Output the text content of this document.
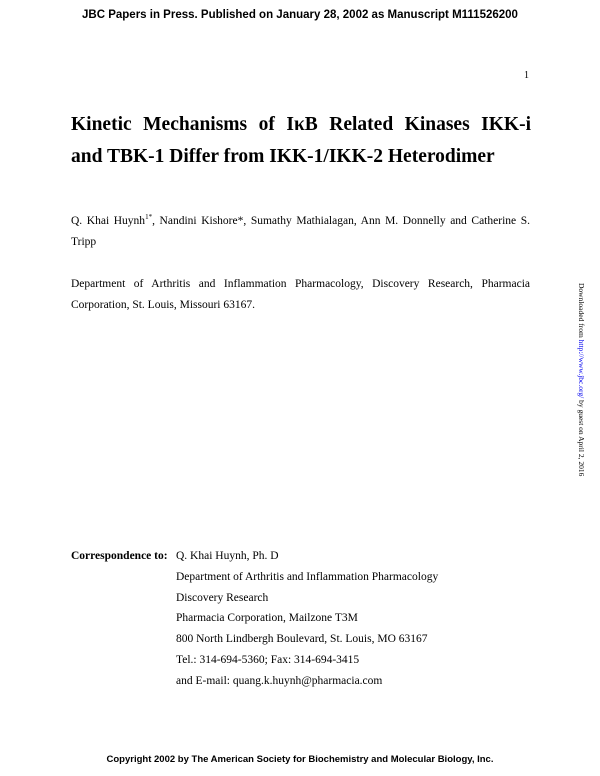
JBC Papers in Press. Published on January 28, 2002 as Manuscript M111526200
1
Kinetic Mechanisms of IκB Related Kinases IKK-i
and TBK-1 Differ from IKK-1/IKK-2 Heterodimer
Q. Khai Huynh$^{1*}$, Nandini Kishore*, Sumathy Mathialagan, Ann M. Donnelly and Catherine S. Tripp
Department of Arthritis and Inflammation Pharmacology, Discovery Research, Pharmacia
Corporation, St. Louis, Missouri 63167.
Correspondence to: Q. Khai Huynh, Ph. D
Department of Arthritis and Inflammation Pharmacology
Discovery Research
Pharmacia Corporation, Mailzone T3M
800 North Lindbergh Boulevard, St. Louis, MO 63167
Tel.: 314-694-5360; Fax: 314-694-3415
and E-mail: quang.k.huynh@pharmacia.com
Downloaded from http://www.jbc.org/ by guest on April 2, 2016
Copyright 2002 by The American Society for Biochemistry and Molecular Biology, Inc.
